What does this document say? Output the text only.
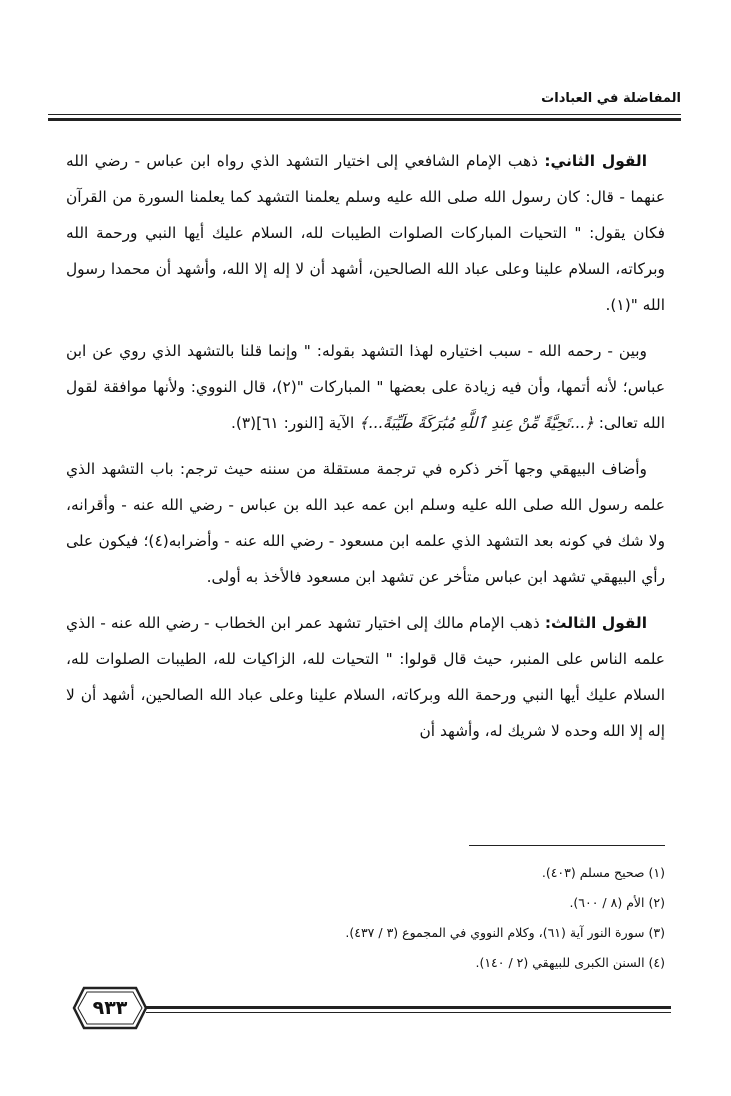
المفاضلة في العبادات

القول الثاني: ذهب الإمام الشافعي إلى اختيار التشهد الذي رواه ابن عباس - رضي الله عنهما - قال: كان رسول الله صلى الله عليه وسلم يعلمنا التشهد كما يعلمنا السورة من القرآن فكان يقول: " التحيات المباركات الصلوات الطيبات لله، السلام عليك أيها النبي ورحمة الله وبركاته، السلام علينا وعلى عباد الله الصالحين، أشهد أن لا إله إلا الله، وأشهد أن محمدا رسول الله "(١).

وبين - رحمه الله - سبب اختياره لهذا التشهد بقوله: " وإنما قلنا بالتشهد الذي روي عن ابن عباس؛ لأنه أتمها، وأن فيه زيادة على بعضها " المباركات "(٢)، قال النووي: ولأنها موافقة لقول الله تعالى: ﴿...تَحِيَّةً مِّنْ عِندِ ٱللَّهِ مُبَٰرَكَةً طَيِّبَةً...﴾ الآية [النور: ٦١](٣).

وأضاف البيهقي وجها آخر ذكره في ترجمة مستقلة من سننه حيث ترجم: باب التشهد الذي علمه رسول الله صلى الله عليه وسلم ابن عمه عبد الله بن عباس - رضي الله عنه - وأقرانه، ولا شك في كونه بعد التشهد الذي علمه ابن مسعود - رضي الله عنه - وأضرابه(٤)؛ فيكون على رأي البيهقي تشهد ابن عباس متأخر عن تشهد ابن مسعود فالأخذ به أولى.

القول الثالث: ذهب الإمام مالك إلى اختيار تشهد عمر ابن الخطاب - رضي الله عنه - الذي علمه الناس على المنبر، حيث قال قولوا: " التحيات لله، الزاكيات لله، الطيبات الصلوات لله، السلام عليك أيها النبي ورحمة الله وبركاته، السلام علينا وعلى عباد الله الصالحين، أشهد أن لا إله إلا الله وحده لا شريك له، وأشهد أن

(١) صحيح مسلم (٤٠٣).

(٢) الأم (٨ / ٦٠٠).

(٣) سورة النور آية (٦١)، وكلام النووي في المجموع (٣ / ٤٣٧).

(٤) السنن الكبرى للبيهقي (٢ / ١٤٠).

٩٣٣
